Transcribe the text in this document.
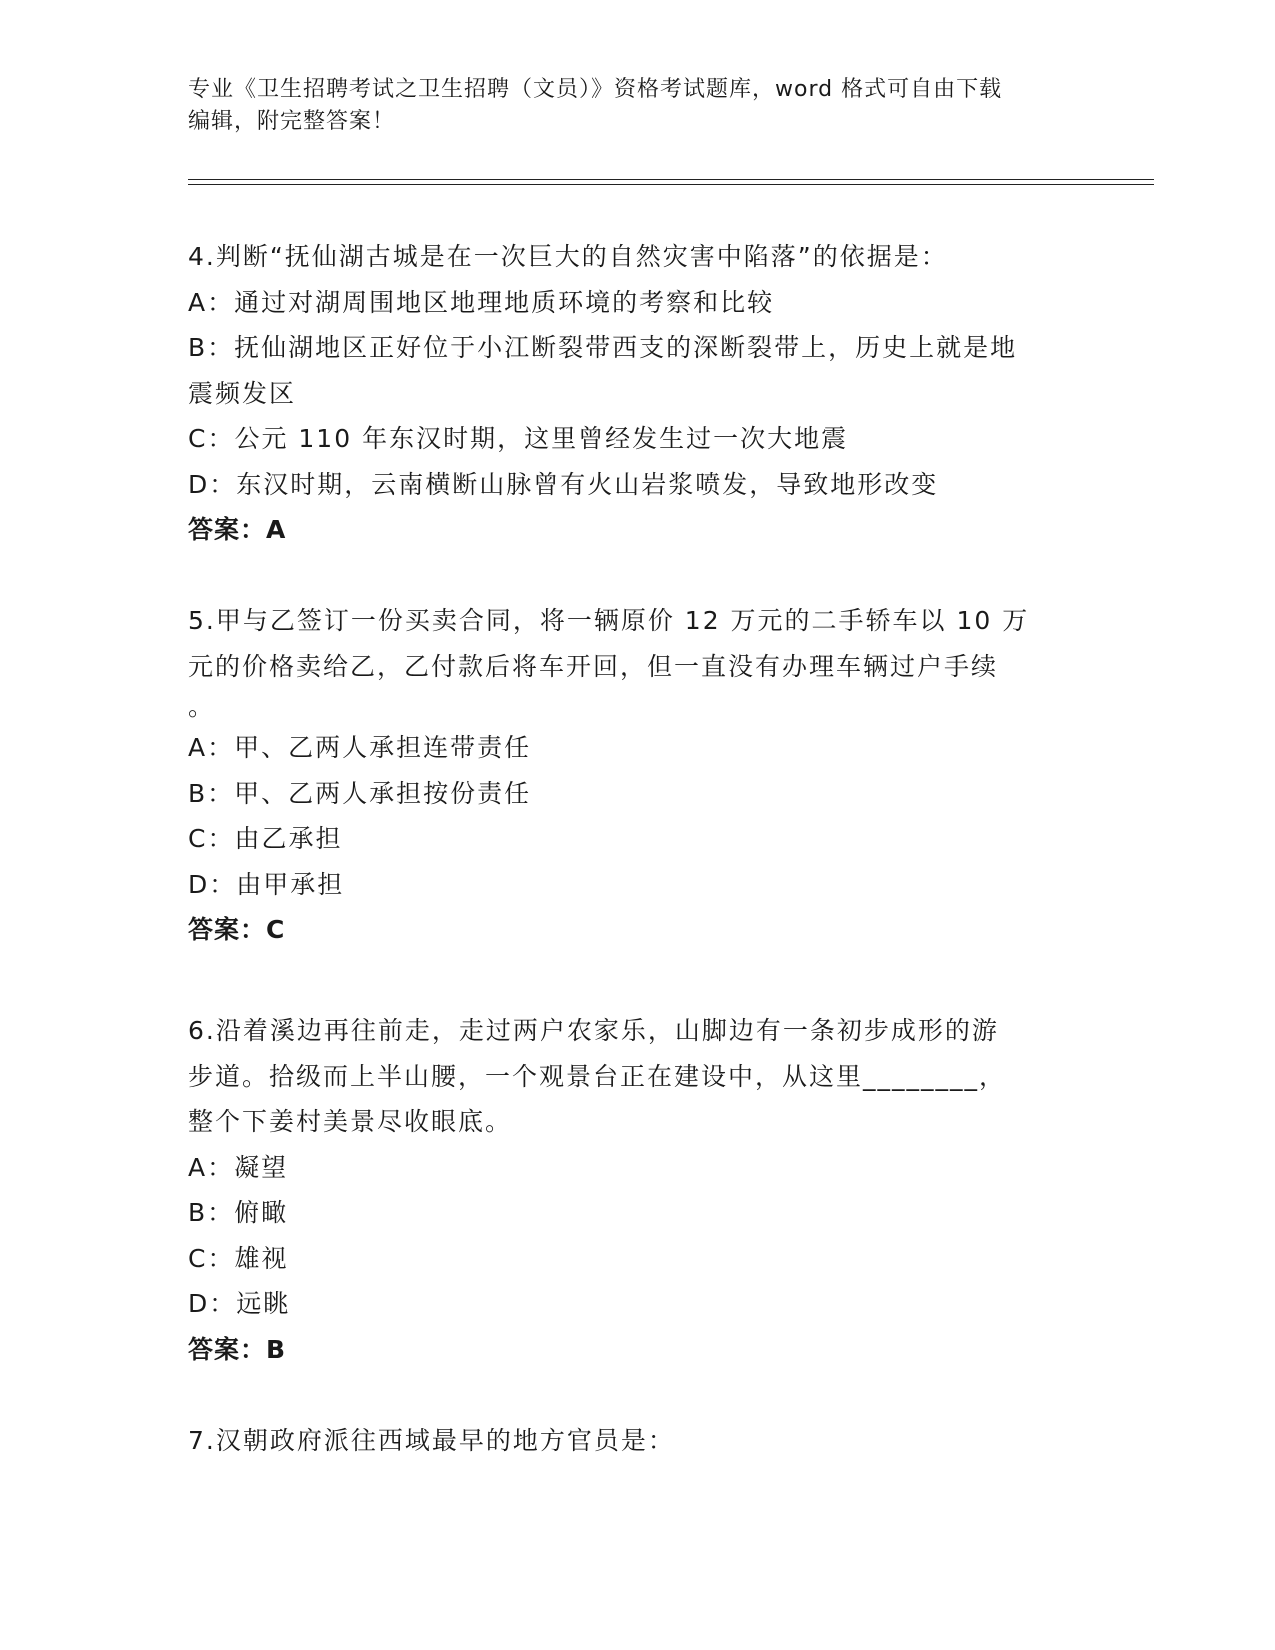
专业《卫生招聘考试之卫生招聘（文员）》资格考试题库，word 格式可自由下载
编辑，附完整答案！
4.判断“抚仙湖古城是在一次巨大的自然灾害中陷落”的依据是：
A：通过对湖周围地区地理地质环境的考察和比较
B：抚仙湖地区正好位于小江断裂带西支的深断裂带上，历史上就是地
震频发区
C：公元 110 年东汉时期，这里曾经发生过一次大地震
D：东汉时期，云南横断山脉曾有火山岩浆喷发，导致地形改变
答案：A
5.甲与乙签订一份买卖合同，将一辆原价 12 万元的二手轿车以 10 万
元的价格卖给乙，乙付款后将车开回，但一直没有办理车辆过户手续
。
A：甲、乙两人承担连带责任
B：甲、乙两人承担按份责任
C：由乙承担
D：由甲承担
答案：C
6.沿着溪边再往前走，走过两户农家乐，山脚边有一条初步成形的游
步道。拾级而上半山腰，一个观景台正在建设中，从这里________，
整个下姜村美景尽收眼底。
A：凝望
B：俯瞰
C：雄视
D：远眺
答案：B
7.汉朝政府派往西域最早的地方官员是：
